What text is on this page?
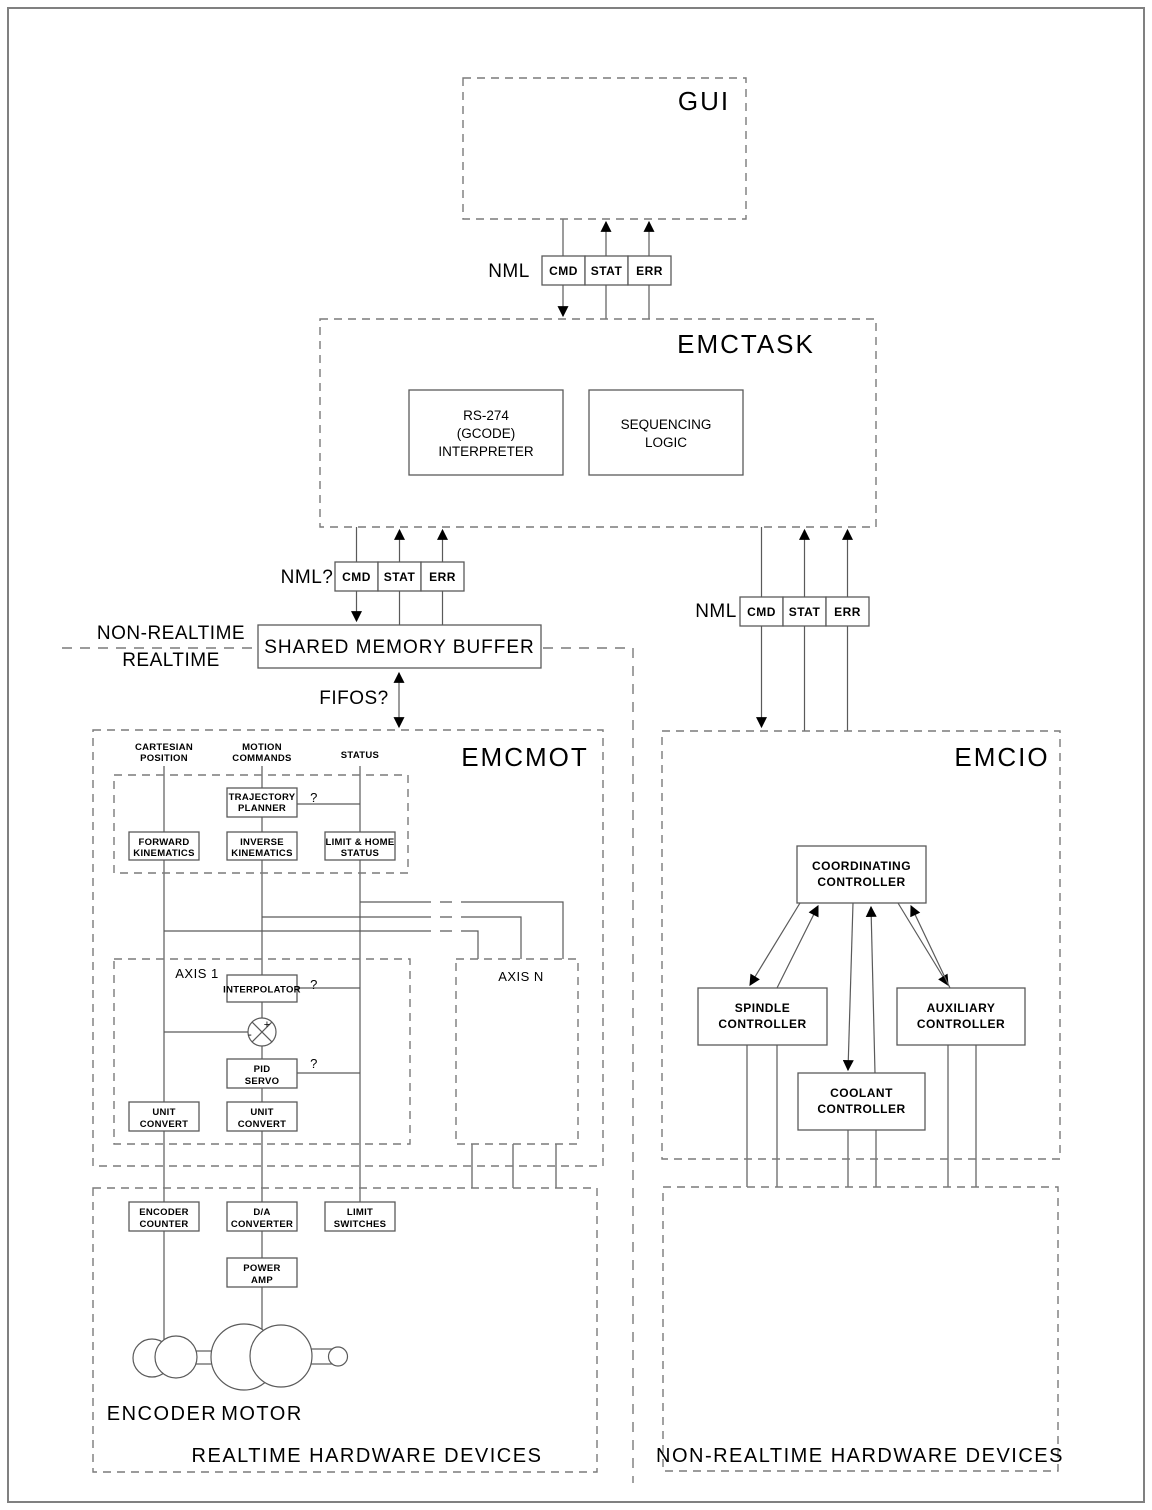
GUI
NML CMD STAT ERR
EMCTASK
RS-274
(GCODE)
INTERPRETER
SEQUENCING
LOGIC
NML? CMD STAT ERR
NON-REALTIME
REALTIME
SHARED MEMORY BUFFER
FIFOS?
NML CMD STAT ERR
EMCMOT
CARTESIAN
POSITION
MOTION
COMMANDS	STATUS
TRAJECTORY
PLANNER
?
FORWARD
KINEMATICS
INVERSE
KINEMATICS
LIMIT & HOME
STATUS
AXIS 1	AXIS N
INTERPOLATOR ?
+
-
PID
SERVO
?
UNIT
CONVERT
UNIT
CONVERT
ENCODER
COUNTER
D/A
CONVERTER
LIMIT
SWITCHES
POWER
AMP
ENCODER MOTOR
REALTIME HARDWARE DEVICES
EMCIO
COORDINATING
CONTROLLER
SPINDLE
CONTROLLER
AUXILIARY
CONTROLLER
COOLANT
CONTROLLER
NON-REALTIME HARDWARE DEVICES
